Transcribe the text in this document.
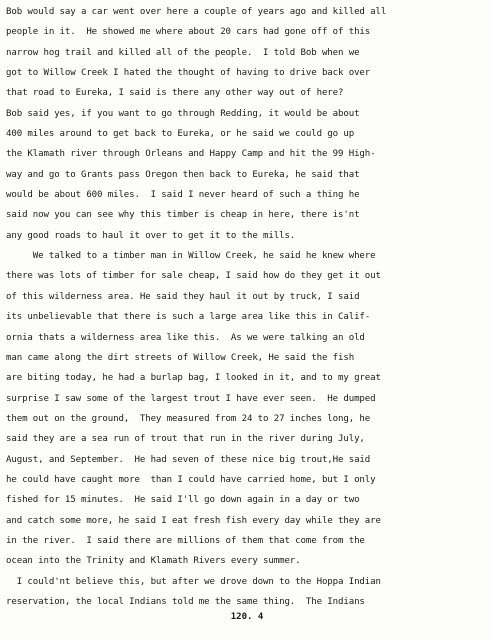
Bob would say a car went over here a couple of years ago and killed all
people in it.  He showed me where about 20 cars had gone off of this
narrow hog trail and killed all of the people.  I told Bob when we
got to Willow Creek I hated the thought of having to drive back over
that road to Eureka, I said is there any other way out of here?
Bob said yes, if you want to go through Redding, it would be about
400 miles around to get back to Eureka, or he said we could go up
the Klamath river through Orleans and Happy Camp and hit the 99 High-
way and go to Grants pass Oregon then back to Eureka, he said that
would be about 600 miles.  I said I never heard of such a thing he
said now you can see why this timber is cheap in here, there is'nt
any good roads to haul it over to get it to the mills.
We talked to a timber man in Willow Creek, he said he knew where
there was lots of timber for sale cheap, I said how do they get it out
of this wilderness area. He said they haul it out by truck, I said
its unbelievable that there is such a large area like this in Calif-
ornia thats a wilderness area like this.  As we were talking an old
man came along the dirt streets of Willow Creek, He said the fish
are biting today, he had a burlap bag, I looked in it, and to my great
surprise I saw some of the largest trout I have ever seen.  He dumped
them out on the ground,  They measured from 24 to 27 inches long, he
said they are a sea run of trout that run in the river during July,
August, and September.  He had seven of these nice big trout,He said
he could have caught more  than I could have carried home, but I only
fished for 15 minutes.  He said I'll go down again in a day or two
and catch some more, he said I eat fresh fish every day while they are
in the river.  I said there are millions of them that come from the
ocean into the Trinity and Klamath Rivers every summer.
I could'nt believe this, but after we drove down to the Hoppa Indian
reservation, the local Indians told me the same thing.  The Indians
120. 4
